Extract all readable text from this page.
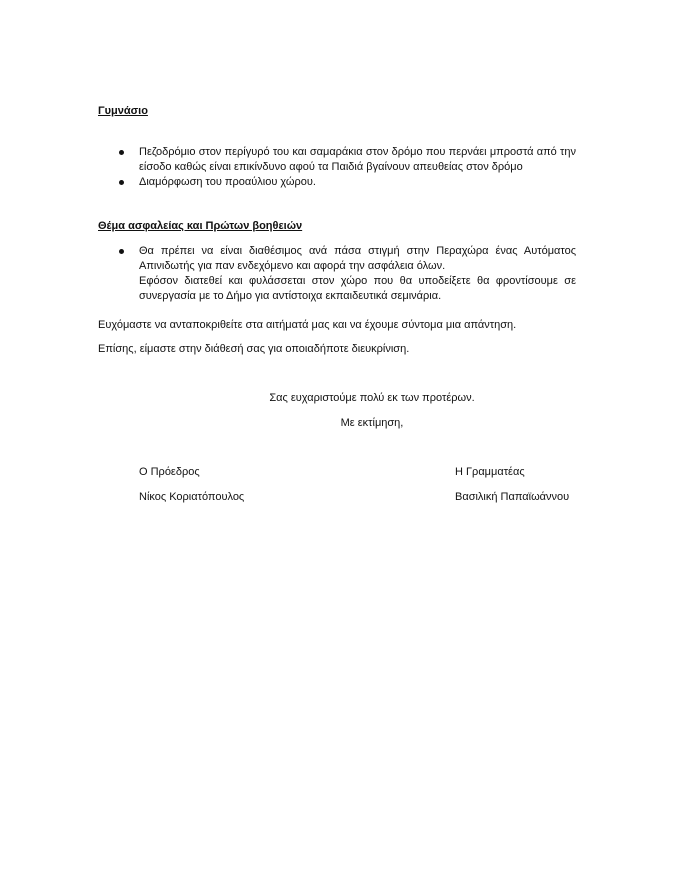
Γυμνάσιο
Πεζοδρόμιο στον περίγυρό του και σαμαράκια στον δρόμο που περνάει μπροστά από την είσοδο καθώς είναι επικίνδυνο αφού τα Παιδιά βγαίνουν απευθείας στον δρόμο
Διαμόρφωση του προαύλιου χώρου.
Θέμα ασφαλείας και Πρώτων βοηθειών
Θα πρέπει να είναι διαθέσιμος ανά πάσα στιγμή στην Περαχώρα ένας Αυτόματος Απινιδωτής για παν ενδεχόμενο και αφορά την ασφάλεια όλων.
Εφόσον διατεθεί και φυλάσσεται στον χώρο που θα υποδείξετε θα φροντίσουμε σε συνεργασία με το Δήμο για αντίστοιχα εκπαιδευτικά σεμινάρια.

Ευχόμαστε να ανταποκριθείτε στα αιτήματά μας και να έχουμε σύντομα μια απάντηση.

Επίσης, είμαστε στην διάθεσή σας για οποιαδήποτε διευκρίνιση.

Σας ευχαριστούμε πολύ εκ των προτέρων.

Με εκτίμηση,

Ο Πρόεδρος

Νίκος Κοριατόπουλος

Η Γραμματέας

Βασιλική Παπαϊωάννου
